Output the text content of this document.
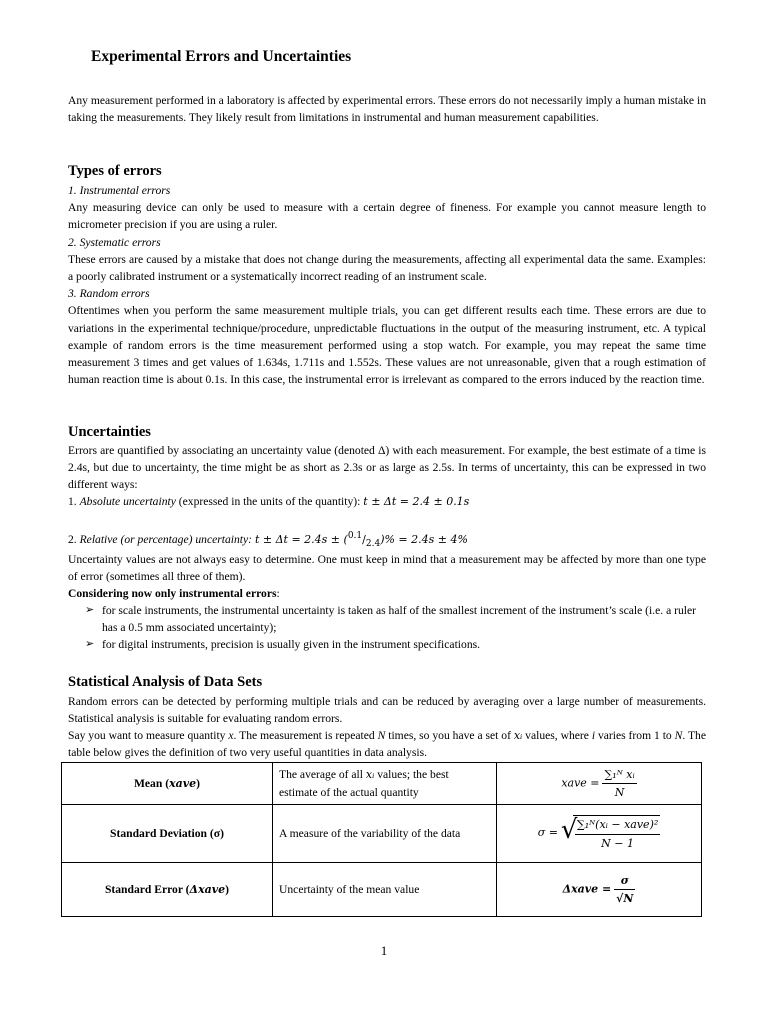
Experimental Errors and Uncertainties

Any measurement performed in a laboratory is affected by experimental errors. These errors do not necessarily imply a human mistake in taking the measurements. They likely result from limitations in instrumental and human measurement capabilities.

Types of errors
1. Instrumental errors

Any measuring device can only be used to measure with a certain degree of fineness. For example you cannot measure length to micrometer precision if you are using a ruler.

2. Systematic errors

These errors are caused by a mistake that does not change during the measurements, affecting all experimental data the same. Examples: a poorly calibrated instrument or a systematically incorrect reading of an instrument scale.

3. Random errors

Oftentimes when you perform the same measurement multiple trials, you can get different results each time. These errors are due to variations in the experimental technique/procedure, unpredictable fluctuations in the output of the measuring instrument, etc. A typical example of random errors is the time measurement performed using a stop watch. For example, you may repeat the same time measurement 3 times and get values of 1.634s, 1.711s and 1.552s. These values are not unreasonable, given that a rough estimation of human reaction time is about 0.1s. In this case, the instrumental error is irrelevant as compared to the errors induced by the reaction time.

Uncertainties

Errors are quantified by associating an uncertainty value (denoted Δ) with each measurement. For example, the best estimate of a time is 2.4s, but due to uncertainty, the time might be as short as 2.3s or as large as 2.5s. In terms of uncertainty, this can be expressed in two different ways:

1. Absolute uncertainty (expressed in the units of the quantity): t ± Δt = 2.4 ± 0.1s
2. Relative (or percentage) uncertainty: $t \pm \Delta t = 2.4s \pm (^{0.1}/_{2.4})\% = 2.4s \pm 4\%$

Uncertainty values are not always easy to determine. One must keep in mind that a measurement may be affected by more than one type of error (sometimes all three of them).

Considering now only instrumental errors:
➢ for scale instruments, the instrumental uncertainty is taken as half of the smallest increment of the instrument’s scale (i.e. a ruler has a 0.5 mm associated uncertainty);
➢ for digital instruments, precision is usually given in the instrument specifications.
Statistical Analysis of Data Sets

Random errors can be detected by performing multiple trials and can be reduced by averaging over a large number of measurements. Statistical analysis is suitable for evaluating random errors.

Say you want to measure quantity x. The measurement is repeated N times, so you have a set of xᵢ values, where i varies from 1 to N. The table below gives the definition of two very useful quantities in data analysis.

Mean (xave)	The average of all xᵢ values; the best estimate of the actual quantity	xave = $\frac{\text{∑₁ᴺ xᵢ}}{N}$

Standard Deviation (σ)	A measure of the variability of the data	σ = √
$\frac{\text{∑₁ᴺ(xᵢ − xave)²}}{N - 1}$

Standard Error (Δxave)	Uncertainty of the mean value	Δxave = $\frac{\sigma}{√N}$
1
